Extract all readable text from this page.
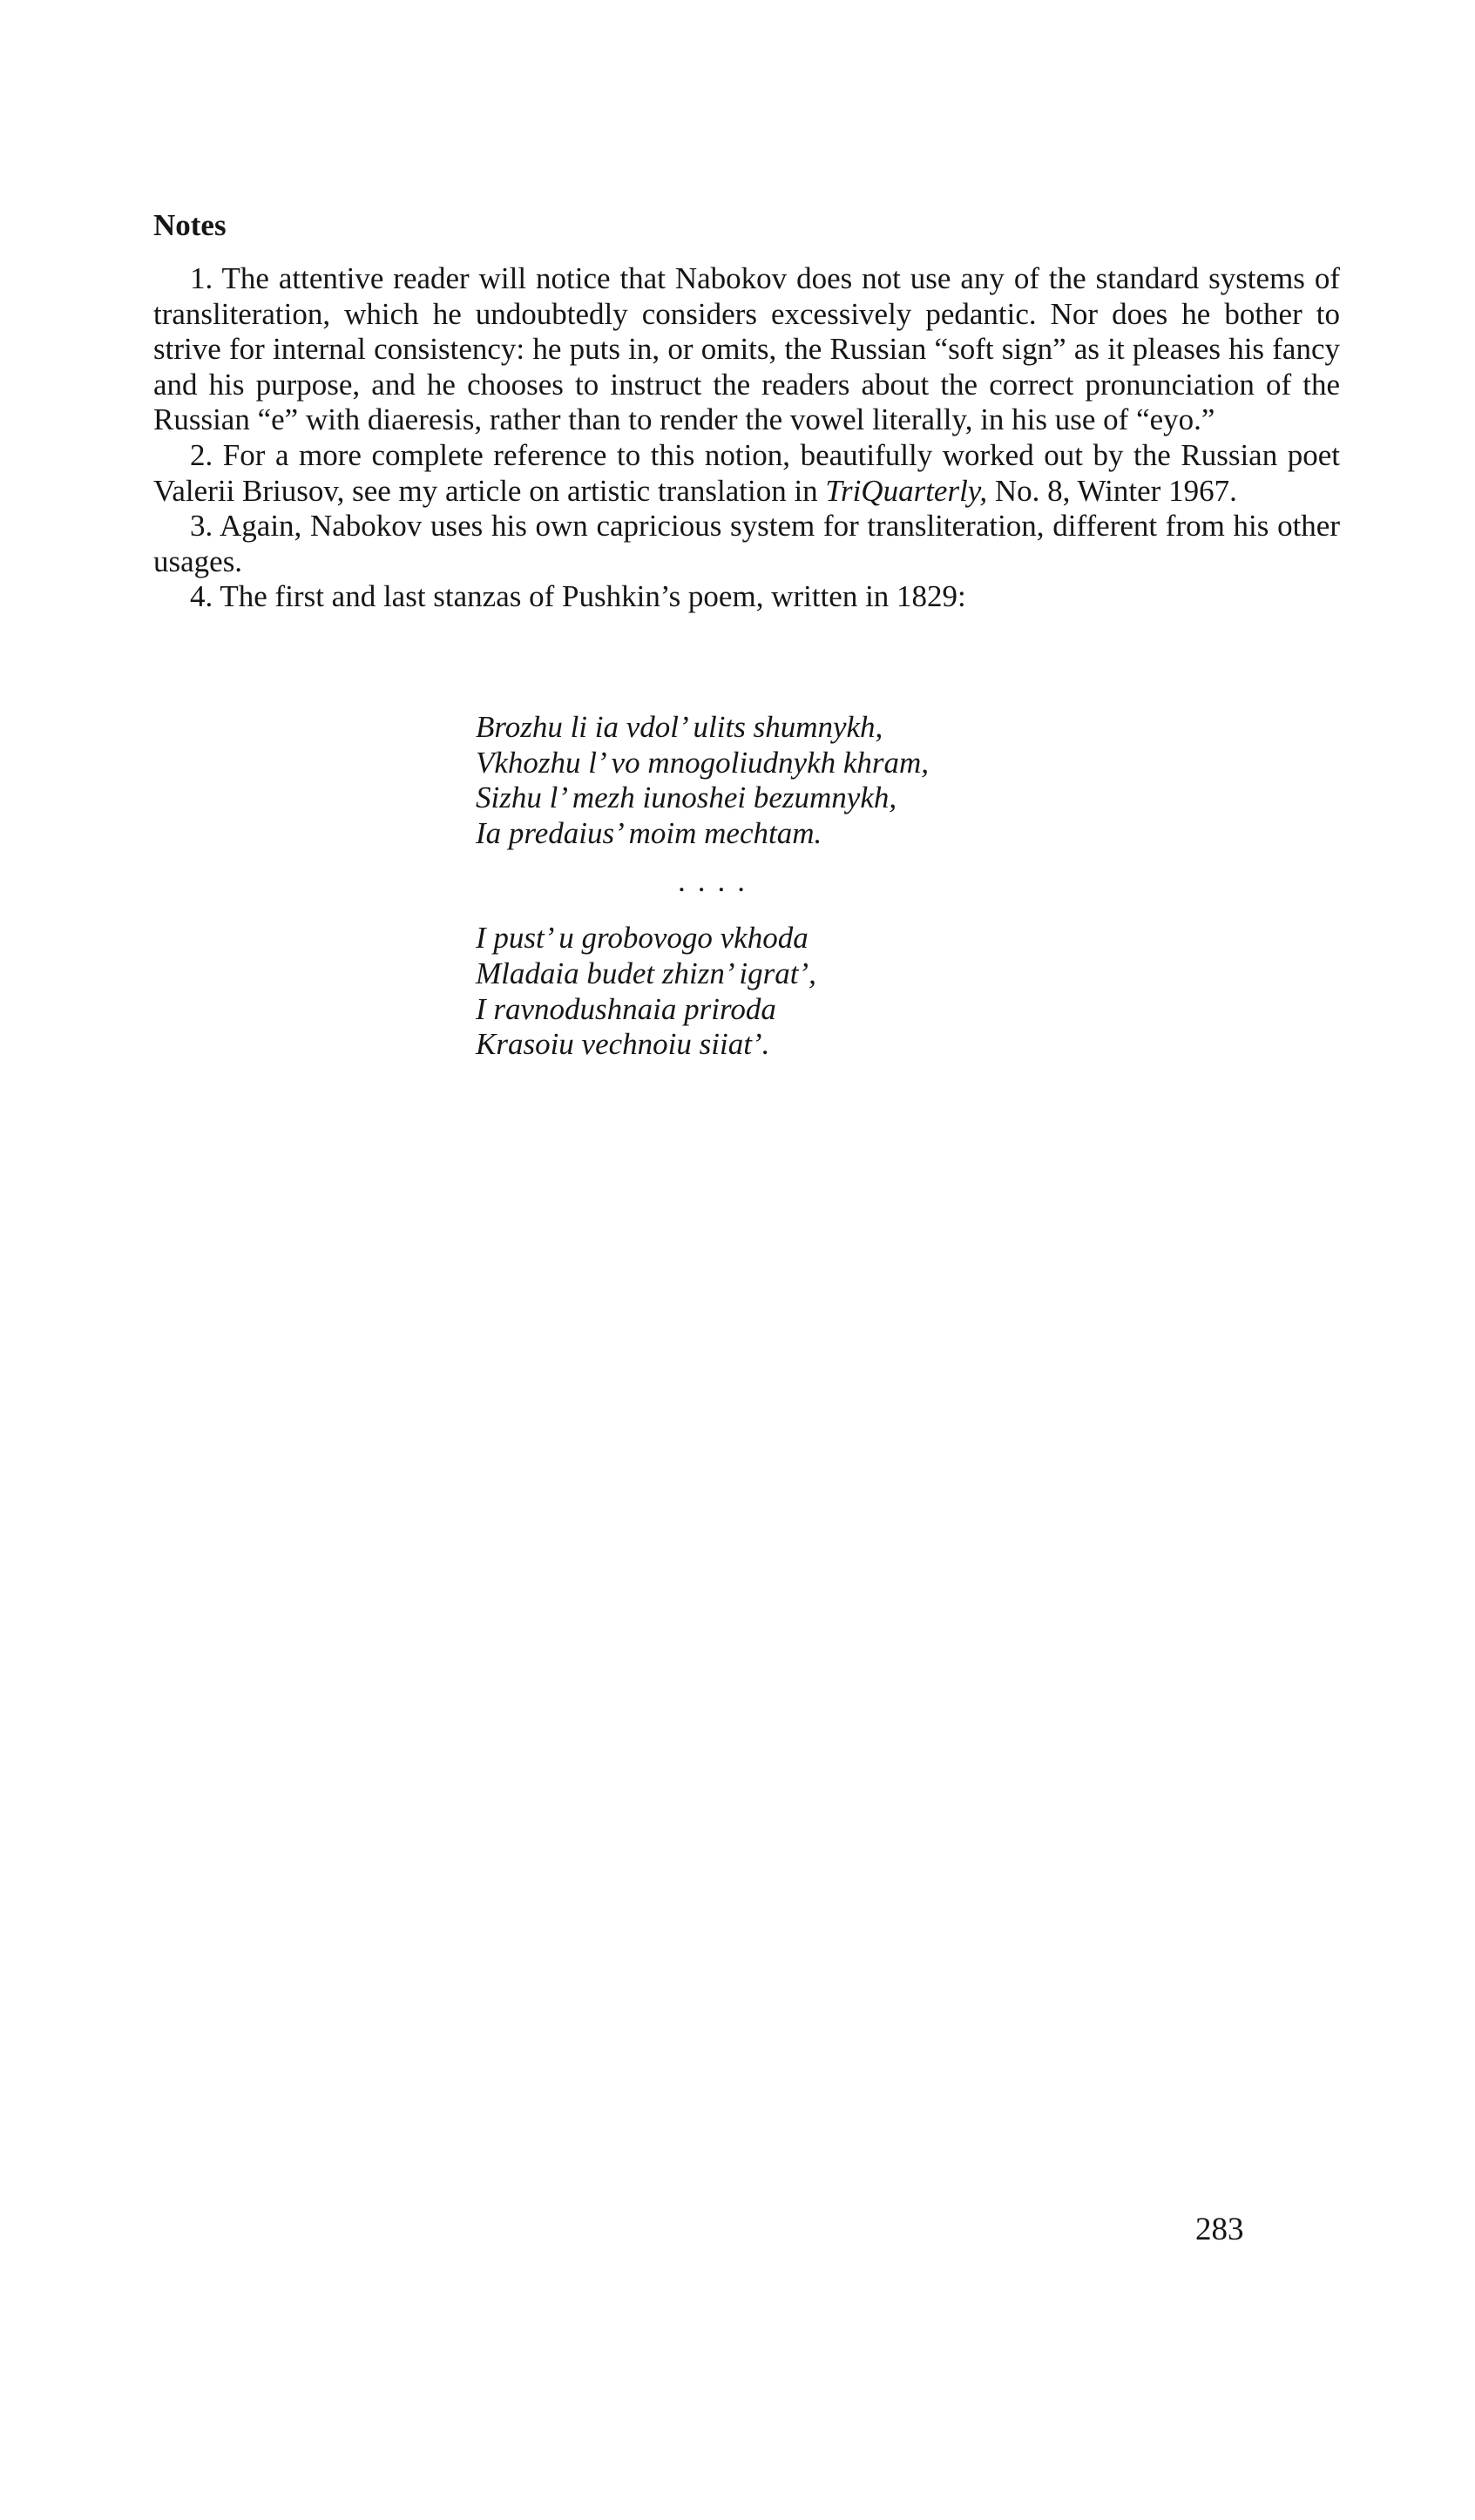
Notes

1. The attentive reader will notice that Nabokov does not use any of the standard systems of transliteration, which he undoubtedly considers excessively pedantic. Nor does he bother to strive for internal consistency: he puts in, or omits, the Russian “soft sign” as it pleases his fancy and his purpose, and he chooses to instruct the readers about the correct pronunciation of the Russian “e” with diaeresis, rather than to render the vowel literally, in his use of “eyo.”

2. For a more complete reference to this notion, beautifully worked out by the Russian poet Valerii Briusov, see my article on artistic translation in TriQuarterly, No. 8, Winter 1967.

3. Again, Nabokov uses his own capricious system for transliteration, different from his other usages.

4. The first and last stanzas of Pushkin’s poem, written in 1829:

Brozhu li ia vdol’ ulits shumnykh,
Vkhozhu l’ vo mnogoliudnykh khram,
Sizhu l’ mezh iunoshei bezumnykh,
Ia predaius’ moim mechtam.
....
I pust’ u grobovogo vkhoda
Mladaia budet zhizn’ igrat’,
I ravnodushnaia priroda
Krasoiu vechnoiu siiat’.
283
